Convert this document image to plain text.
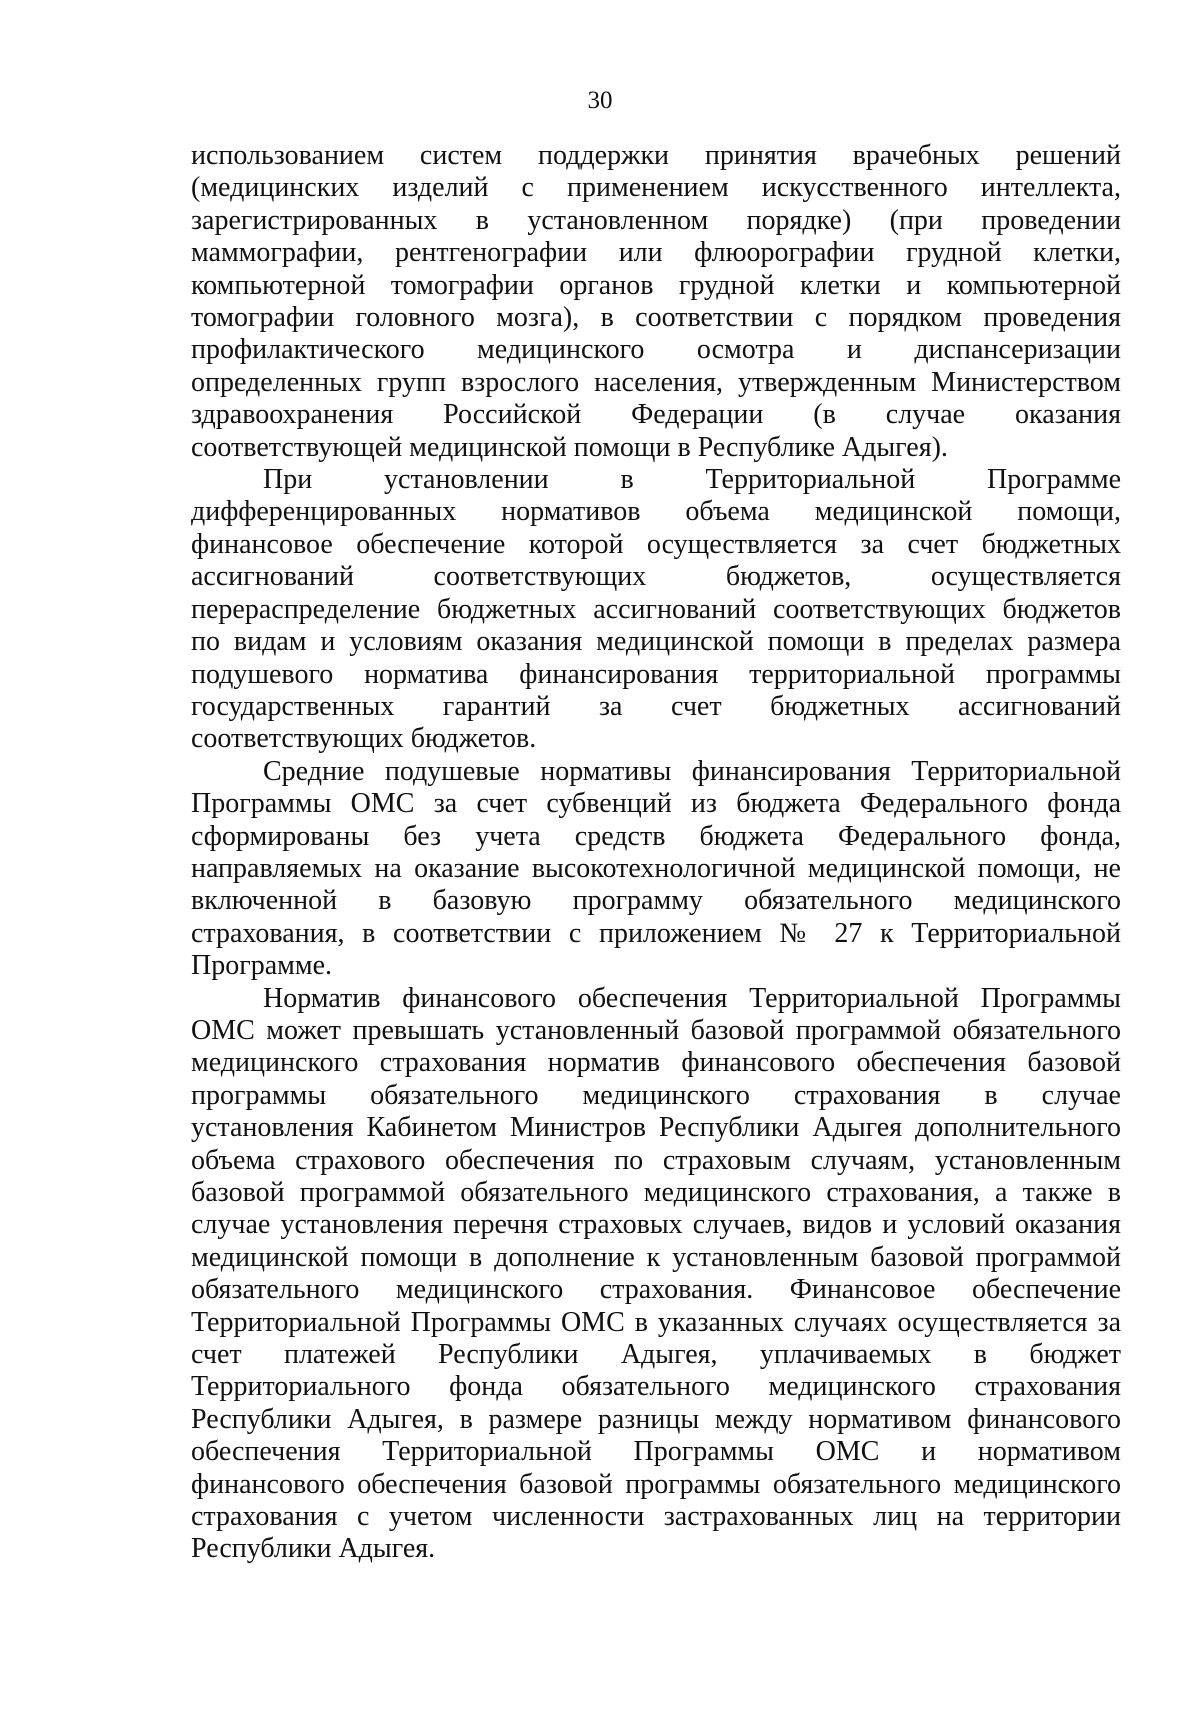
30

использованием систем поддержки принятия врачебных решений
(медицинских изделий с применением искусственного интеллекта,
зарегистрированных в установленном порядке) (при проведении
маммографии, рентгенографии или флюорографии грудной клетки,
компьютерной томографии органов грудной клетки и компьютерной
томографии головного мозга), в соответствии с порядком проведения
профилактического медицинского осмотра и диспансеризации
определенных групп взрослого населения, утвержденным Министерством
здравоохранения Российской Федерации (в случае оказания
соответствующей медицинской помощи в Республике Адыгея).

При установлении в Территориальной Программе
дифференцированных нормативов объема медицинской помощи,
финансовое обеспечение которой осуществляется за счет бюджетных
ассигнований соответствующих бюджетов, осуществляется
перераспределение бюджетных ассигнований соответствующих бюджетов
по видам и условиям оказания медицинской помощи в пределах размера
подушевого норматива финансирования территориальной программы
государственных гарантий за счет бюджетных ассигнований
соответствующих бюджетов.

Средние подушевые нормативы финансирования Территориальной
Программы ОМС за счет субвенций из бюджета Федерального фонда
сформированы без учета средств бюджета Федерального фонда,
направляемых на оказание высокотехнологичной медицинской помощи, не
включенной в базовую программу обязательного медицинского
страхования, в соответствии с приложением № 27 к Территориальной
Программе.

Норматив финансового обеспечения Территориальной Программы
ОМС может превышать установленный базовой программой обязательного
медицинского страхования норматив финансового обеспечения базовой
программы обязательного медицинского страхования в случае
установления Кабинетом Министров Республики Адыгея дополнительного
объема страхового обеспечения по страховым случаям, установленным
базовой программой обязательного медицинского страхования, а также в
случае установления перечня страховых случаев, видов и условий оказания
медицинской помощи в дополнение к установленным базовой программой
обязательного медицинского страхования. Финансовое обеспечение
Территориальной Программы ОМС в указанных случаях осуществляется за
счет платежей Республики Адыгея, уплачиваемых в бюджет
Территориального фонда обязательного медицинского страхования
Республики Адыгея, в размере разницы между нормативом финансового
обеспечения Территориальной Программы ОМС и нормативом
финансового обеспечения базовой программы обязательного медицинского
страхования с учетом численности застрахованных лиц на территории
Республики Адыгея.
